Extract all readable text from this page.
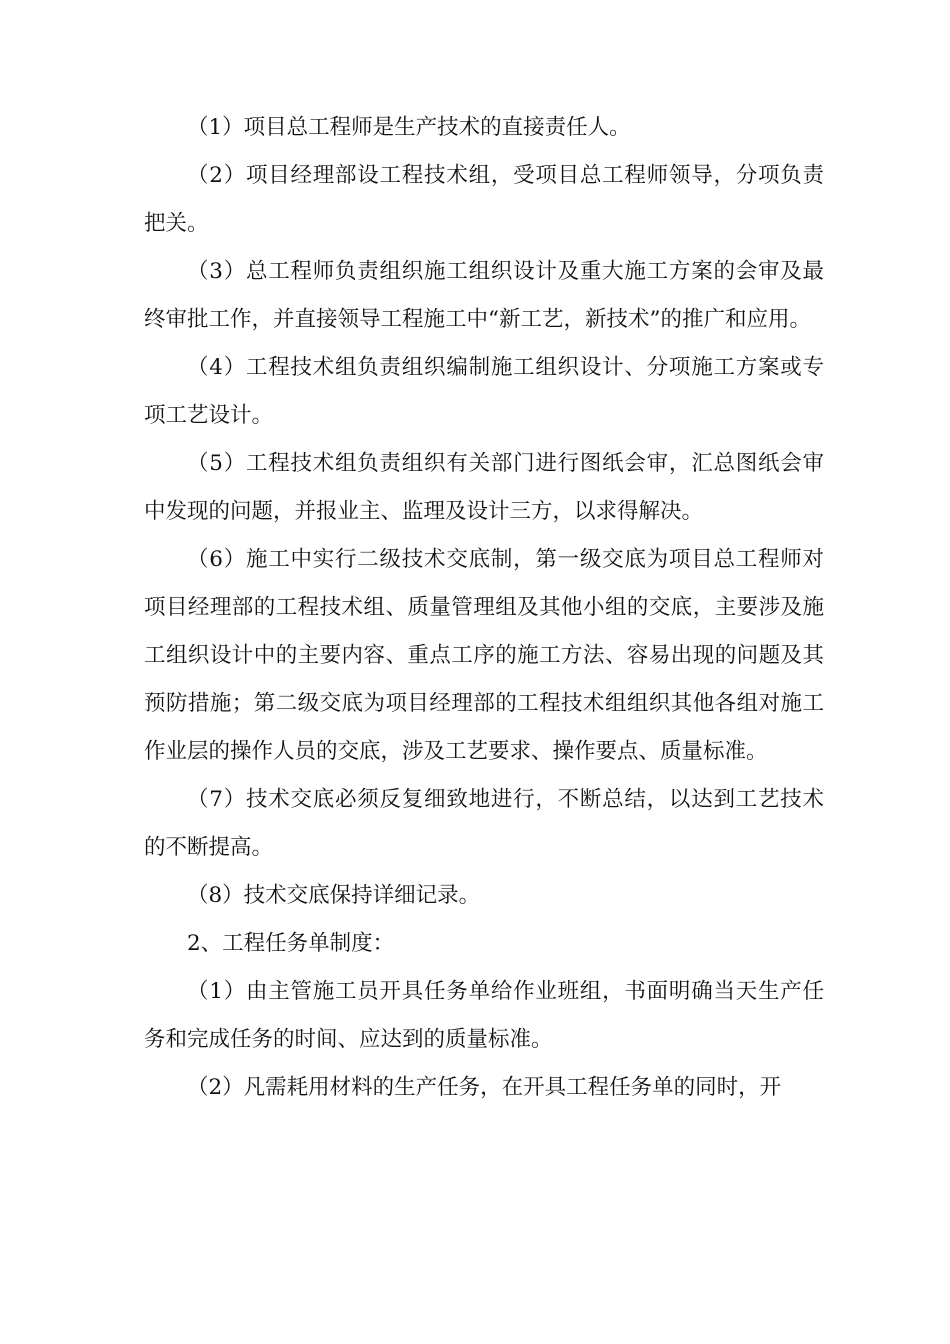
（1）项目总工程师是生产技术的直接责任人。

（2）项目经理部设工程技术组，受项目总工程师领导，分项负责把关。

（3）总工程师负责组织施工组织设计及重大施工方案的会审及最终审批工作，并直接领导工程施工中“新工艺，新技术”的推广和应用。

（4）工程技术组负责组织编制施工组织设计、分项施工方案或专项工艺设计。

（5）工程技术组负责组织有关部门进行图纸会审，汇总图纸会审中发现的问题，并报业主、监理及设计三方，以求得解决。

（6）施工中实行二级技术交底制，第一级交底为项目总工程师对项目经理部的工程技术组、质量管理组及其他小组的交底，主要涉及施工组织设计中的主要内容、重点工序的施工方法、容易出现的问题及其预防措施；第二级交底为项目经理部的工程技术组组织其他各组对施工作业层的操作人员的交底，涉及工艺要求、操作要点、质量标准。

（7）技术交底必须反复细致地进行，不断总结，以达到工艺技术的不断提高。

（8）技术交底保持详细记录。

2、工程任务单制度：

（1）由主管施工员开具任务单给作业班组，书面明确当天生产任务和完成任务的时间、应达到的质量标准。

（2）凡需耗用材料的生产任务，在开具工程任务单的同时，开
